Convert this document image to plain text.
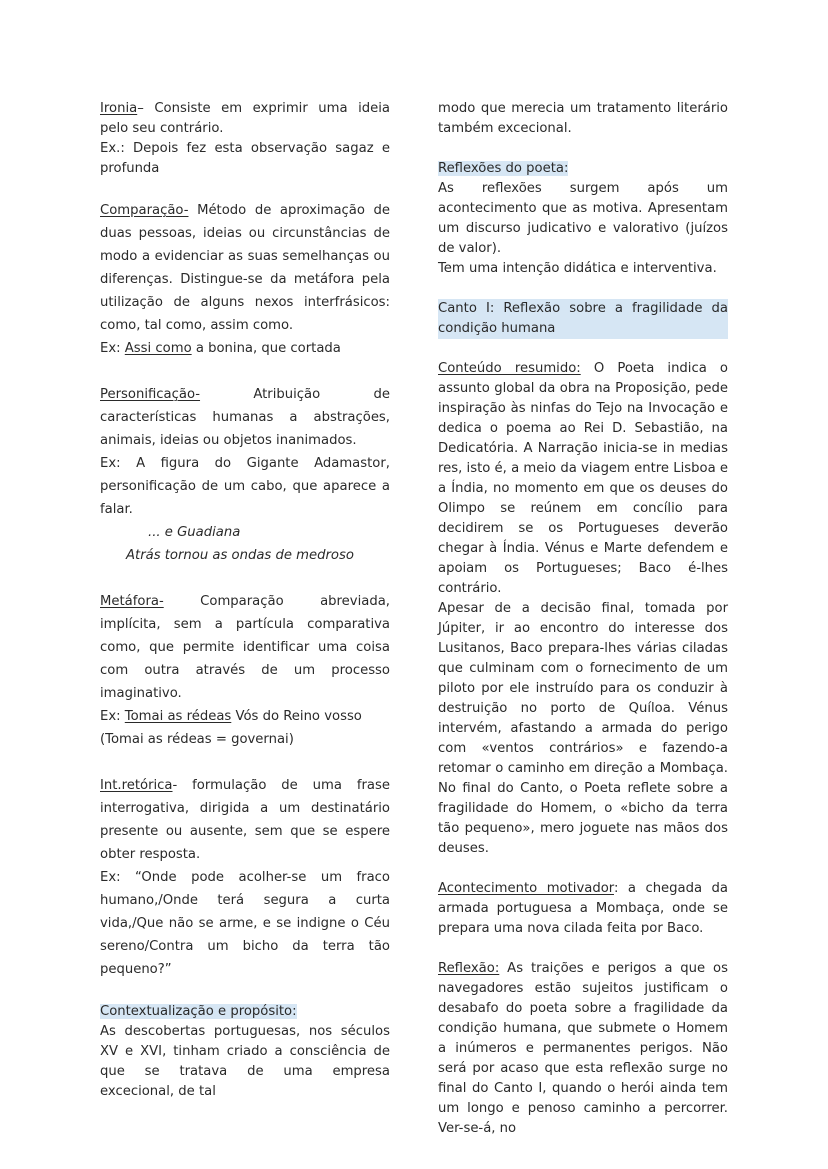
Ironia– Consiste em exprimir uma ideia pelo seu contrário.

Ex.: Depois fez esta observação sagaz e profunda

Comparação- Método de aproximação de duas pessoas, ideias ou circunstâncias de modo a evidenciar as suas semelhanças ou diferenças. Distingue-se da metáfora pela utilização de alguns nexos interfrásicos: como, tal como, assim como.

Ex: Assi como a bonina, que cortada

Personificação- Atribuição de características humanas a abstrações, animais, ideias ou objetos inanimados.

Ex: A figura do Gigante Adamastor, personificação de um cabo, que aparece a falar.

... e Guadiana
Atrás tornou as ondas de medroso

Metáfora- Comparação abreviada, implícita, sem a partícula comparativa como, que permite identificar uma coisa com outra através de um processo imaginativo.

Ex: Tomai as rédeas Vós do Reino vosso

(Tomai as rédeas = governai)

Int.retórica- formulação de uma frase interrogativa, dirigida a um destinatário presente ou ausente, sem que se espere obter resposta.

Ex: “Onde pode acolher-se um fraco humano,/Onde terá segura a curta vida,/Que não se arme, e se indigne o Céu sereno/Contra um bicho da terra tão pequeno?”

Contextualização e propósito:

As descobertas portuguesas, nos séculos XV e XVI, tinham criado a consciência de que se tratava de uma empresa excecional, de tal

modo que merecia um tratamento literário também excecional.

Reflexões do poeta:

As reflexões surgem após um acontecimento que as motiva. Apresentam um discurso judicativo e valorativo (juízos de valor).

Tem uma intenção didática e interventiva.

Canto I: Reflexão sobre a fragilidade da condição humana

Conteúdo resumido: O Poeta indica o assunto global da obra na Proposição, pede inspiração às ninfas do Tejo na Invocação e dedica o poema ao Rei D. Sebastião, na Dedicatória. A Narração inicia-se in medias res, isto é, a meio da viagem entre Lisboa e a Índia, no momento em que os deuses do Olimpo se reúnem em concílio para decidirem se os Portugueses deverão chegar à Índia. Vénus e Marte defendem e apoiam os Portugueses; Baco é-lhes contrário.

Apesar de a decisão final, tomada por Júpiter, ir ao encontro do interesse dos Lusitanos, Baco prepara-lhes várias ciladas que culminam com o fornecimento de um piloto por ele instruído para os conduzir à destruição no porto de Quíloa. Vénus intervém, afastando a armada do perigo com «ventos contrários» e fazendo-a retomar o caminho em direção a Mombaça. No final do Canto, o Poeta reflete sobre a fragilidade do Homem, o «bicho da terra tão pequeno», mero joguete nas mãos dos deuses.

Acontecimento motivador: a chegada da armada portuguesa a Mombaça, onde se prepara uma nova cilada feita por Baco.

Reflexão: As traições e perigos a que os navegadores estão sujeitos justificam o desabafo do poeta sobre a fragilidade da condição humana, que submete o Homem a inúmeros e permanentes perigos. Não será por acaso que esta reflexão surge no final do Canto I, quando o herói ainda tem um longo e penoso caminho a percorrer. Ver-se-á, no
